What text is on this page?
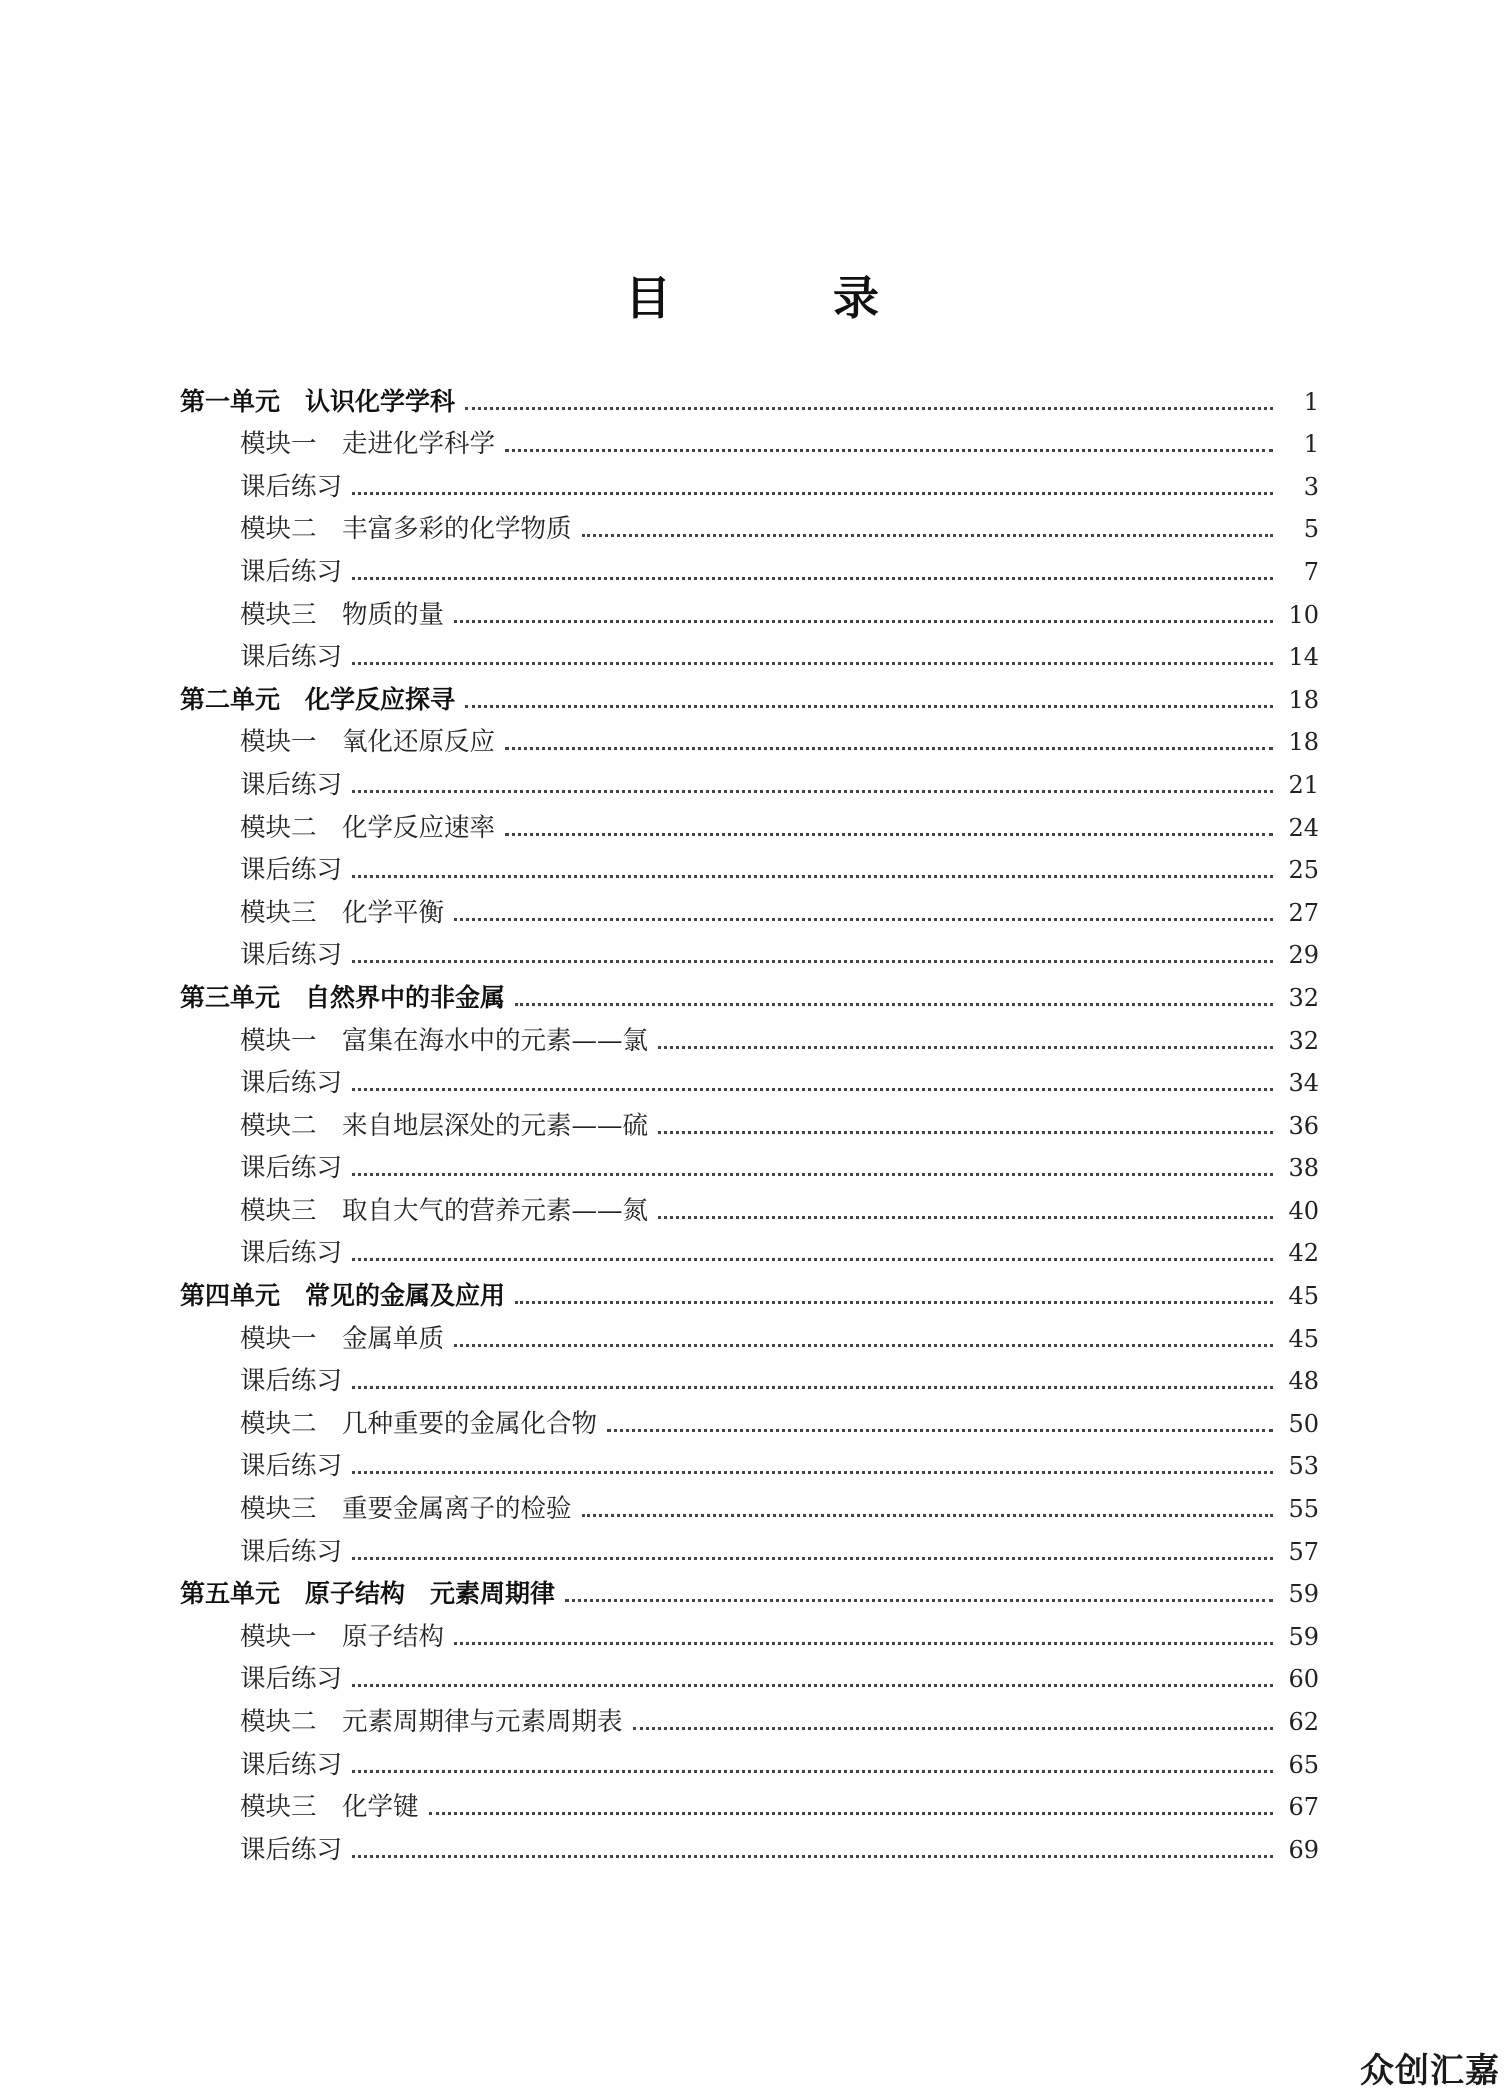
目　录
第一单元　认识化学学科	1
模块一　走进化学科学	1
课后练习	3
模块二　丰富多彩的化学物质	5
课后练习	7
模块三　物质的量	10
课后练习	14
第二单元　化学反应探寻	18
模块一　氧化还原反应	18
课后练习	21
模块二　化学反应速率	24
课后练习	25
模块三　化学平衡	27
课后练习	29
第三单元　自然界中的非金属	32
模块一　富集在海水中的元素——氯	32
课后练习	34
模块二　来自地层深处的元素——硫	36
课后练习	38
模块三　取自大气的营养元素——氮	40
课后练习	42
第四单元　常见的金属及应用	45
模块一　金属单质	45
课后练习	48
模块二　几种重要的金属化合物	50
课后练习	53
模块三　重要金属离子的检验	55
课后练习	57
第五单元　原子结构　元素周期律	59
模块一　原子结构	59
课后练习	60
模块二　元素周期律与元素周期表	62
课后练习	65
模块三　化学键	67
课后练习	69
众创汇嘉
